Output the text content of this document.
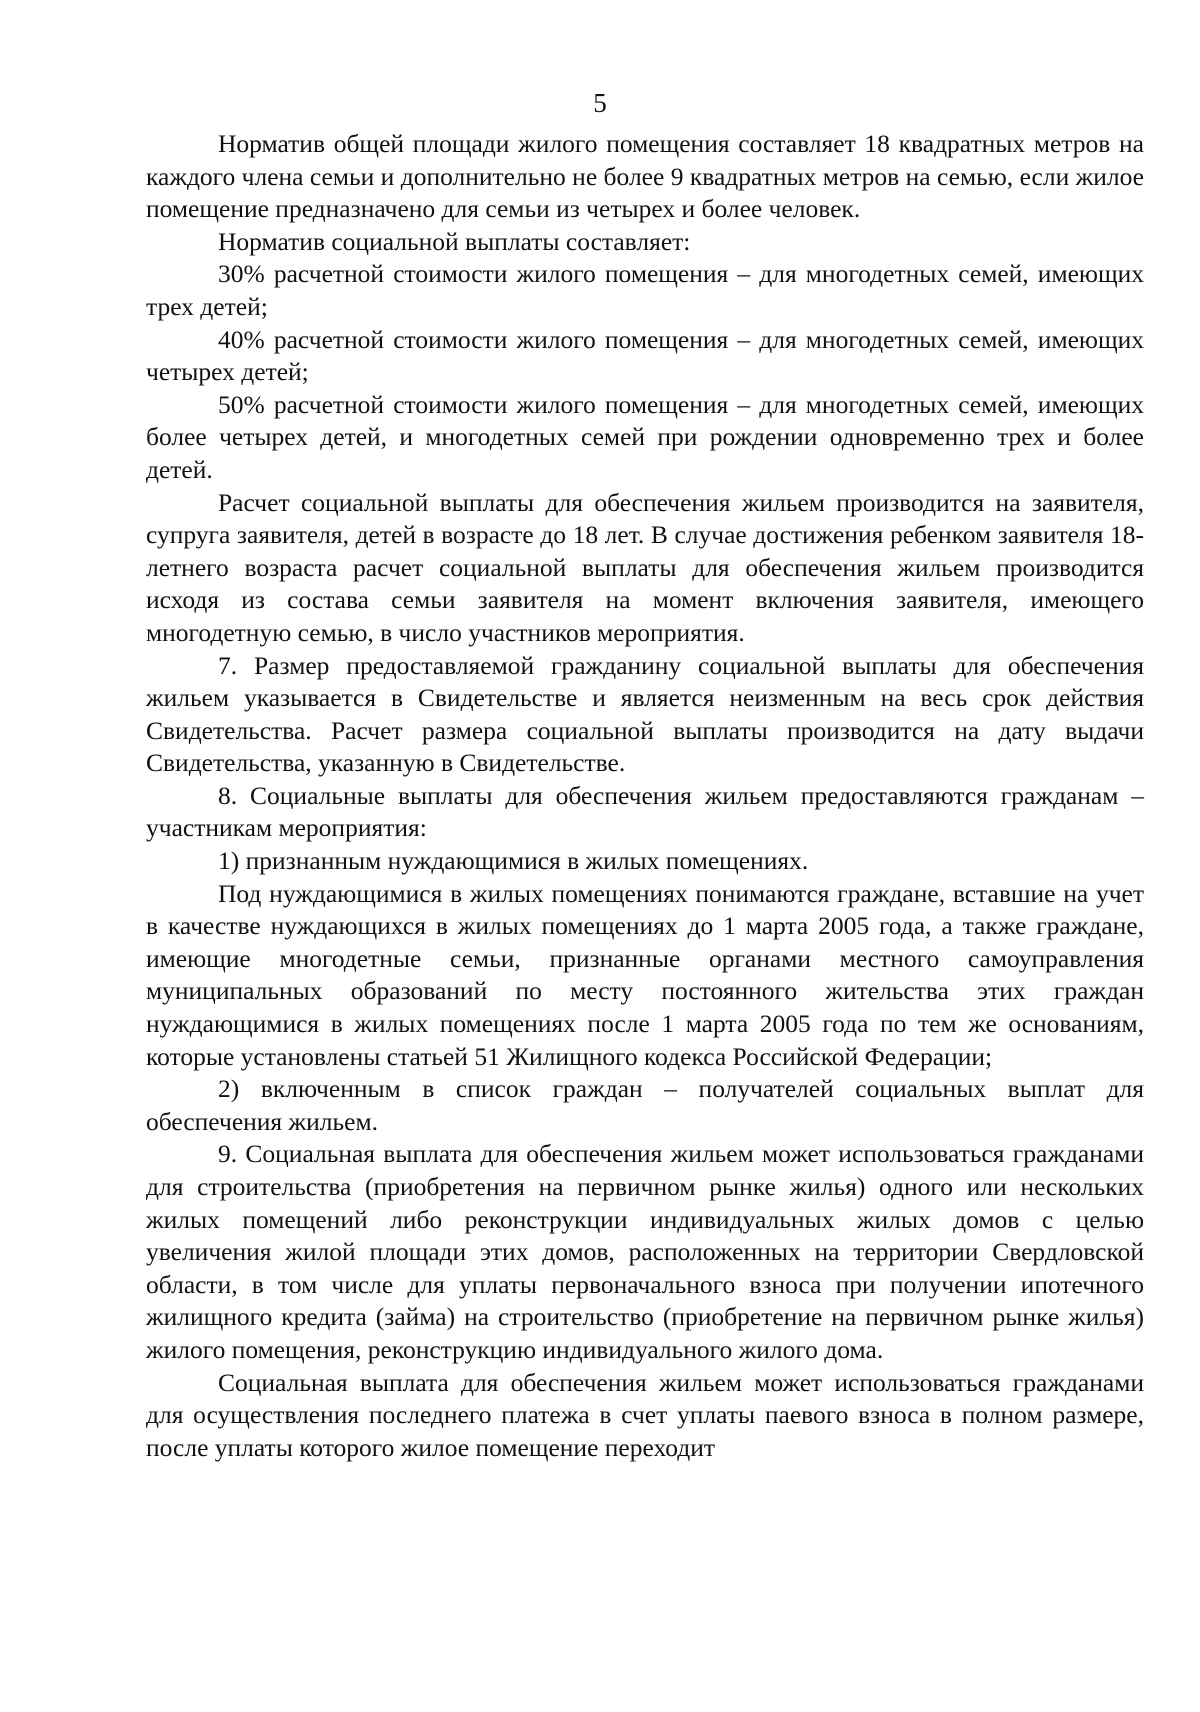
5

Норматив общей площади жилого помещения составляет 18 квадратных метров на каждого члена семьи и дополнительно не более 9 квадратных метров на семью, если жилое помещение предназначено для семьи из четырех и более человек.

Норматив социальной выплаты составляет:

30% расчетной стоимости жилого помещения – для многодетных семей, имеющих трех детей;

40% расчетной стоимости жилого помещения – для многодетных семей, имеющих четырех детей;

50% расчетной стоимости жилого помещения – для многодетных семей, имеющих более четырех детей, и многодетных семей при рождении одновременно трех и более детей.

Расчет социальной выплаты для обеспечения жильем производится на заявителя, супруга заявителя, детей в возрасте до 18 лет. В случае достижения ребенком заявителя 18-летнего возраста расчет социальной выплаты для обеспечения жильем производится исходя из состава семьи заявителя на момент включения заявителя, имеющего многодетную семью, в число участников мероприятия.

7. Размер предоставляемой гражданину социальной выплаты для обеспечения жильем указывается в Свидетельстве и является неизменным на весь срок действия Свидетельства. Расчет размера социальной выплаты производится на дату выдачи Свидетельства, указанную в Свидетельстве.

8. Социальные выплаты для обеспечения жильем предоставляются гражданам – участникам мероприятия:

1) признанным нуждающимися в жилых помещениях.

Под нуждающимися в жилых помещениях понимаются граждане, вставшие на учет в качестве нуждающихся в жилых помещениях до 1 марта 2005 года, а также граждане, имеющие многодетные семьи, признанные органами местного самоуправления муниципальных образований по месту постоянного жительства этих граждан нуждающимися в жилых помещениях после 1 марта 2005 года по тем же основаниям, которые установлены статьей 51 Жилищного кодекса Российской Федерации;

2) включенным в список граждан – получателей социальных выплат для обеспечения жильем.

9. Социальная выплата для обеспечения жильем может использоваться гражданами для строительства (приобретения на первичном рынке жилья) одного или нескольких жилых помещений либо реконструкции индивидуальных жилых домов с целью увеличения жилой площади этих домов, расположенных на территории Свердловской области, в том числе для уплаты первоначального взноса при получении ипотечного жилищного кредита (займа) на строительство (приобретение на первичном рынке жилья) жилого помещения, реконструкцию индивидуального жилого дома.

Социальная выплата для обеспечения жильем может использоваться гражданами для осуществления последнего платежа в счет уплаты паевого взноса в полном размере, после уплаты которого жилое помещение переходит
